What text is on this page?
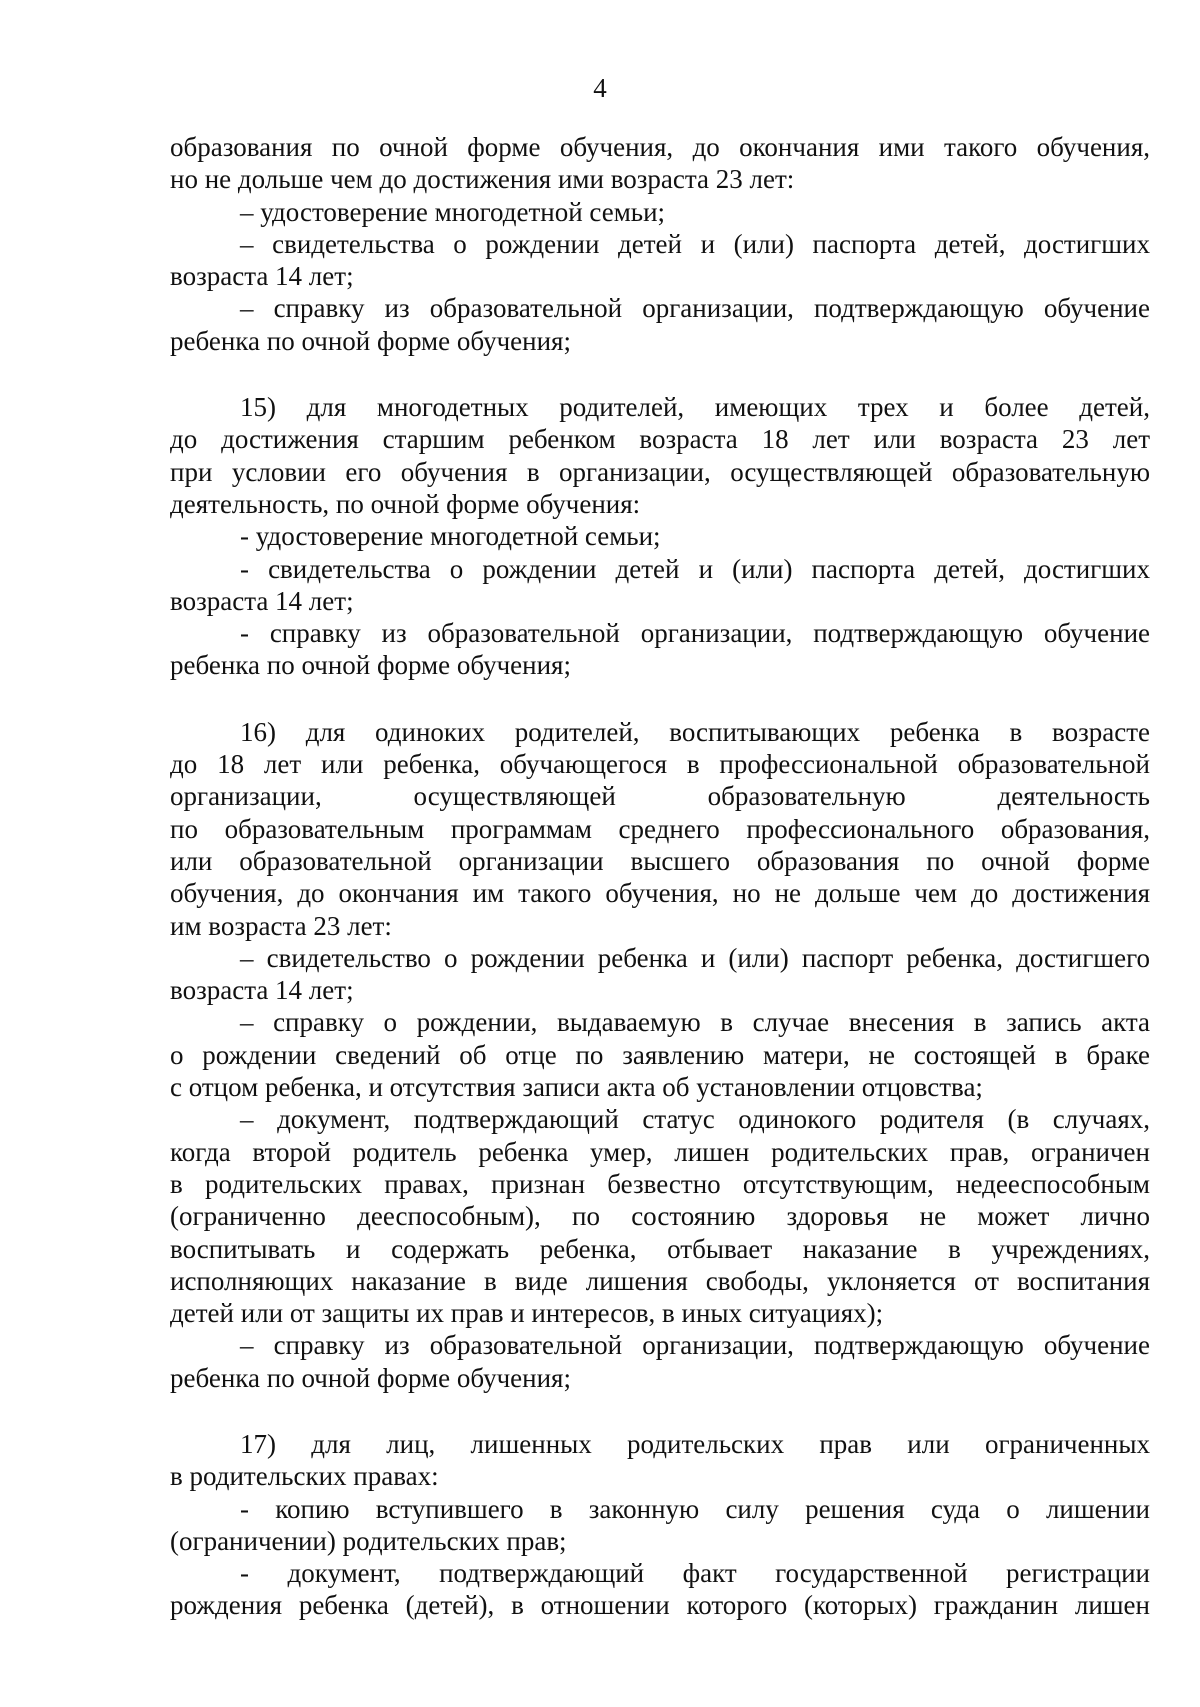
4
образования по очной форме обучения, до окончания ими такого обучения,
но не дольше чем до достижения ими возраста 23 лет:
– удостоверение многодетной семьи;
– свидетельства о рождении детей и (или) паспорта детей, достигших
возраста 14 лет;
– справку из образовательной организации, подтверждающую обучение
ребенка по очной форме обучения;
15) для многодетных родителей, имеющих трех и более детей,
до достижения старшим ребенком возраста 18 лет или возраста 23 лет
при условии его обучения в организации, осуществляющей образовательную
деятельность, по очной форме обучения:
- удостоверение многодетной семьи;
- свидетельства о рождении детей и (или) паспорта детей, достигших
возраста 14 лет;
- справку из образовательной организации, подтверждающую обучение
ребенка по очной форме обучения;
16) для одиноких родителей, воспитывающих ребенка в возрасте
до 18 лет или ребенка, обучающегося в профессиональной образовательной
организации, осуществляющей образовательную деятельность
по образовательным программам среднего профессионального образования,
или образовательной организации высшего образования по очной форме
обучения, до окончания им такого обучения, но не дольше чем до достижения
им возраста 23 лет:
– свидетельство о рождении ребенка и (или) паспорт ребенка, достигшего
возраста 14 лет;
– справку о рождении, выдаваемую в случае внесения в запись акта
о рождении сведений об отце по заявлению матери, не состоящей в браке
с отцом ребенка, и отсутствия записи акта об установлении отцовства;
– документ, подтверждающий статус одинокого родителя (в случаях,
когда второй родитель ребенка умер, лишен родительских прав, ограничен
в родительских правах, признан безвестно отсутствующим, недееспособным
(ограниченно дееспособным), по состоянию здоровья не может лично
воспитывать и содержать ребенка, отбывает наказание в учреждениях,
исполняющих наказание в виде лишения свободы, уклоняется от воспитания
детей или от защиты их прав и интересов, в иных ситуациях);
– справку из образовательной организации, подтверждающую обучение
ребенка по очной форме обучения;
17) для лиц, лишенных родительских прав или ограниченных
в родительских правах:
- копию вступившего в законную силу решения суда о лишении
(ограничении) родительских прав;
- документ, подтверждающий факт государственной регистрации
рождения ребенка (детей), в отношении которого (которых) гражданин лишен
